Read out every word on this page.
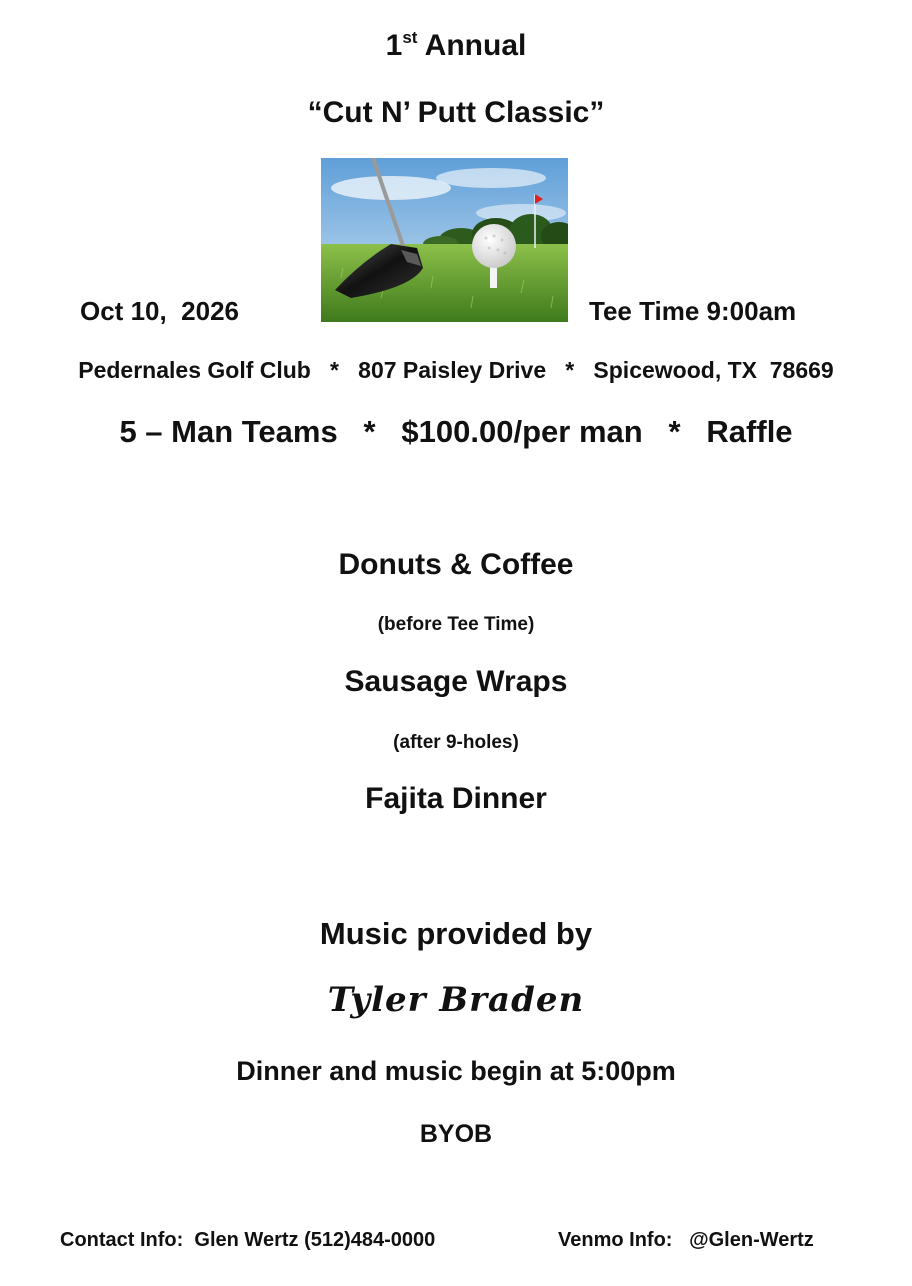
1st Annual
“Cut N’ Putt Classic”
Oct 10,  2026	Tee Time 9:00am
Pedernales Golf Club   *   807 Paisley Drive   *   Spicewood, TX  78669
5 – Man Teams   *   $100.00/per man   *   Raffle
Donuts & Coffee
(before Tee Time)
Sausage Wraps
(after 9-holes)
Fajita Dinner
Music provided by
Tyler Braden
Dinner and music begin at 5:00pm
BYOB
Contact Info:  Glen Wertz (512)484-0000	Venmo Info:   @Glen-Wertz
